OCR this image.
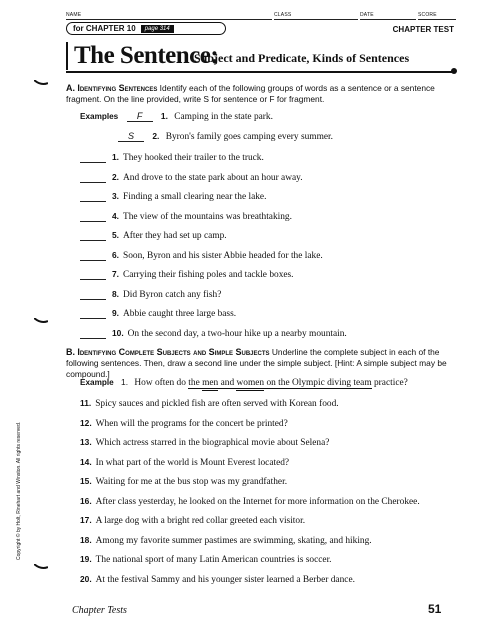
NAME	CLASS	DATE	SCORE
for CHAPTER 10	page 314	CHAPTER TEST
The Sentence:
Subject and Predicate, Kinds of Sentences
A. Identifying Sentences Identify each of the following groups of words as a sentence or a sentence fragment. On the line provided, write S for sentence or F for fragment.
Examples F 1. Camping in the state park.
S 2. Byron's family goes camping every summer.
1. They hooked their trailer to the truck.
2. And drove to the state park about an hour away.
3. Finding a small clearing near the lake.
4. The view of the mountains was breathtaking.
5. After they had set up camp.
6. Soon, Byron and his sister Abbie headed for the lake.
7. Carrying their fishing poles and tackle boxes.
8. Did Byron catch any fish?
9. Abbie caught three large bass.
10. On the second day, a two-hour hike up a nearby mountain.
B. Identifying Complete Subjects and Simple Subjects Underline the complete subject in each of the following sentences. Then, draw a second line under the simple subject. [Hint: A simple subject may be compound.]
Example 1. How often do the men and women on the Olympic diving team practice?
11. Spicy sauces and pickled fish are often served with Korean food.
12. When will the programs for the concert be printed?
13. Which actress starred in the biographical movie about Selena?
14. In what part of the world is Mount Everest located?
15. Waiting for me at the bus stop was my grandfather.
16. After class yesterday, he looked on the Internet for more information on the Cherokee.
17. A large dog with a bright red collar greeted each visitor.
18. Among my favorite summer pastimes are swimming, skating, and hiking.
19. The national sport of many Latin American countries is soccer.
20. At the festival Sammy and his younger sister learned a Berber dance.
Copyright © by Holt, Rinehart and Winston. All rights reserved.
Chapter Tests	51
